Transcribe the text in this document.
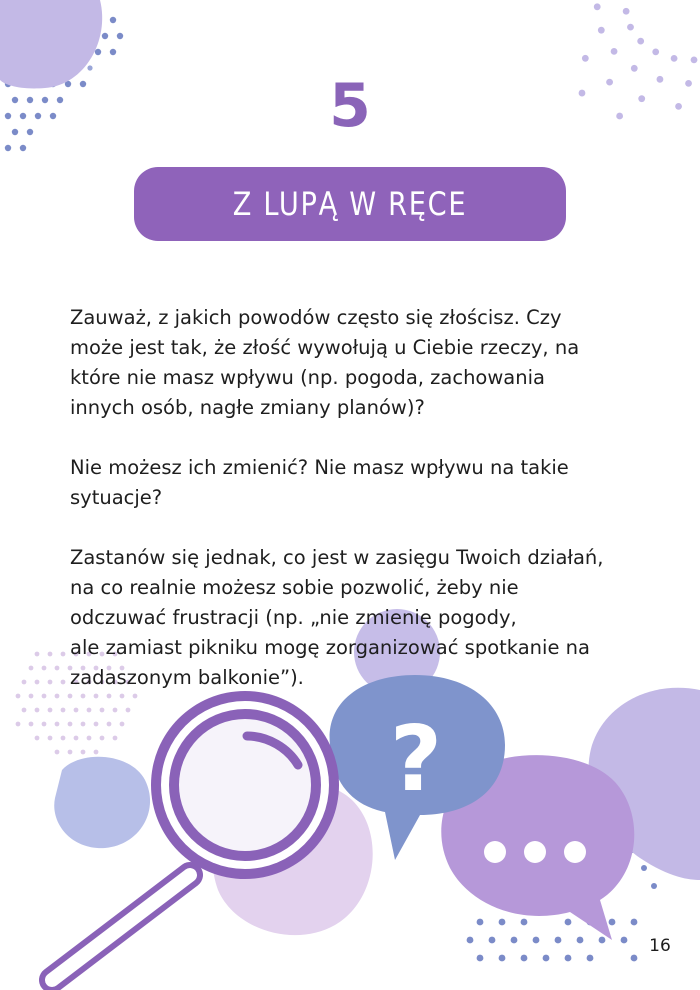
?
5
Z LUPĄ W RĘCE

Zauważ, z jakich powodów często się złościsz. Czy
może jest tak, że złość wywołują u Ciebie rzeczy, na
które nie masz wpływu (np. pogoda, zachowania
innych osób, nagłe zmiany planów)?

Nie możesz ich zmienić? Nie masz wpływu na takie
sytuacje?

Zastanów się jednak, co jest w zasięgu Twoich działań,
na co realnie możesz sobie pozwolić, żeby nie
odczuwać frustracji (np. „nie zmienię pogody,
ale zamiast pikniku mogę zorganizować spotkanie na
zadaszonym balkonie”).

16
